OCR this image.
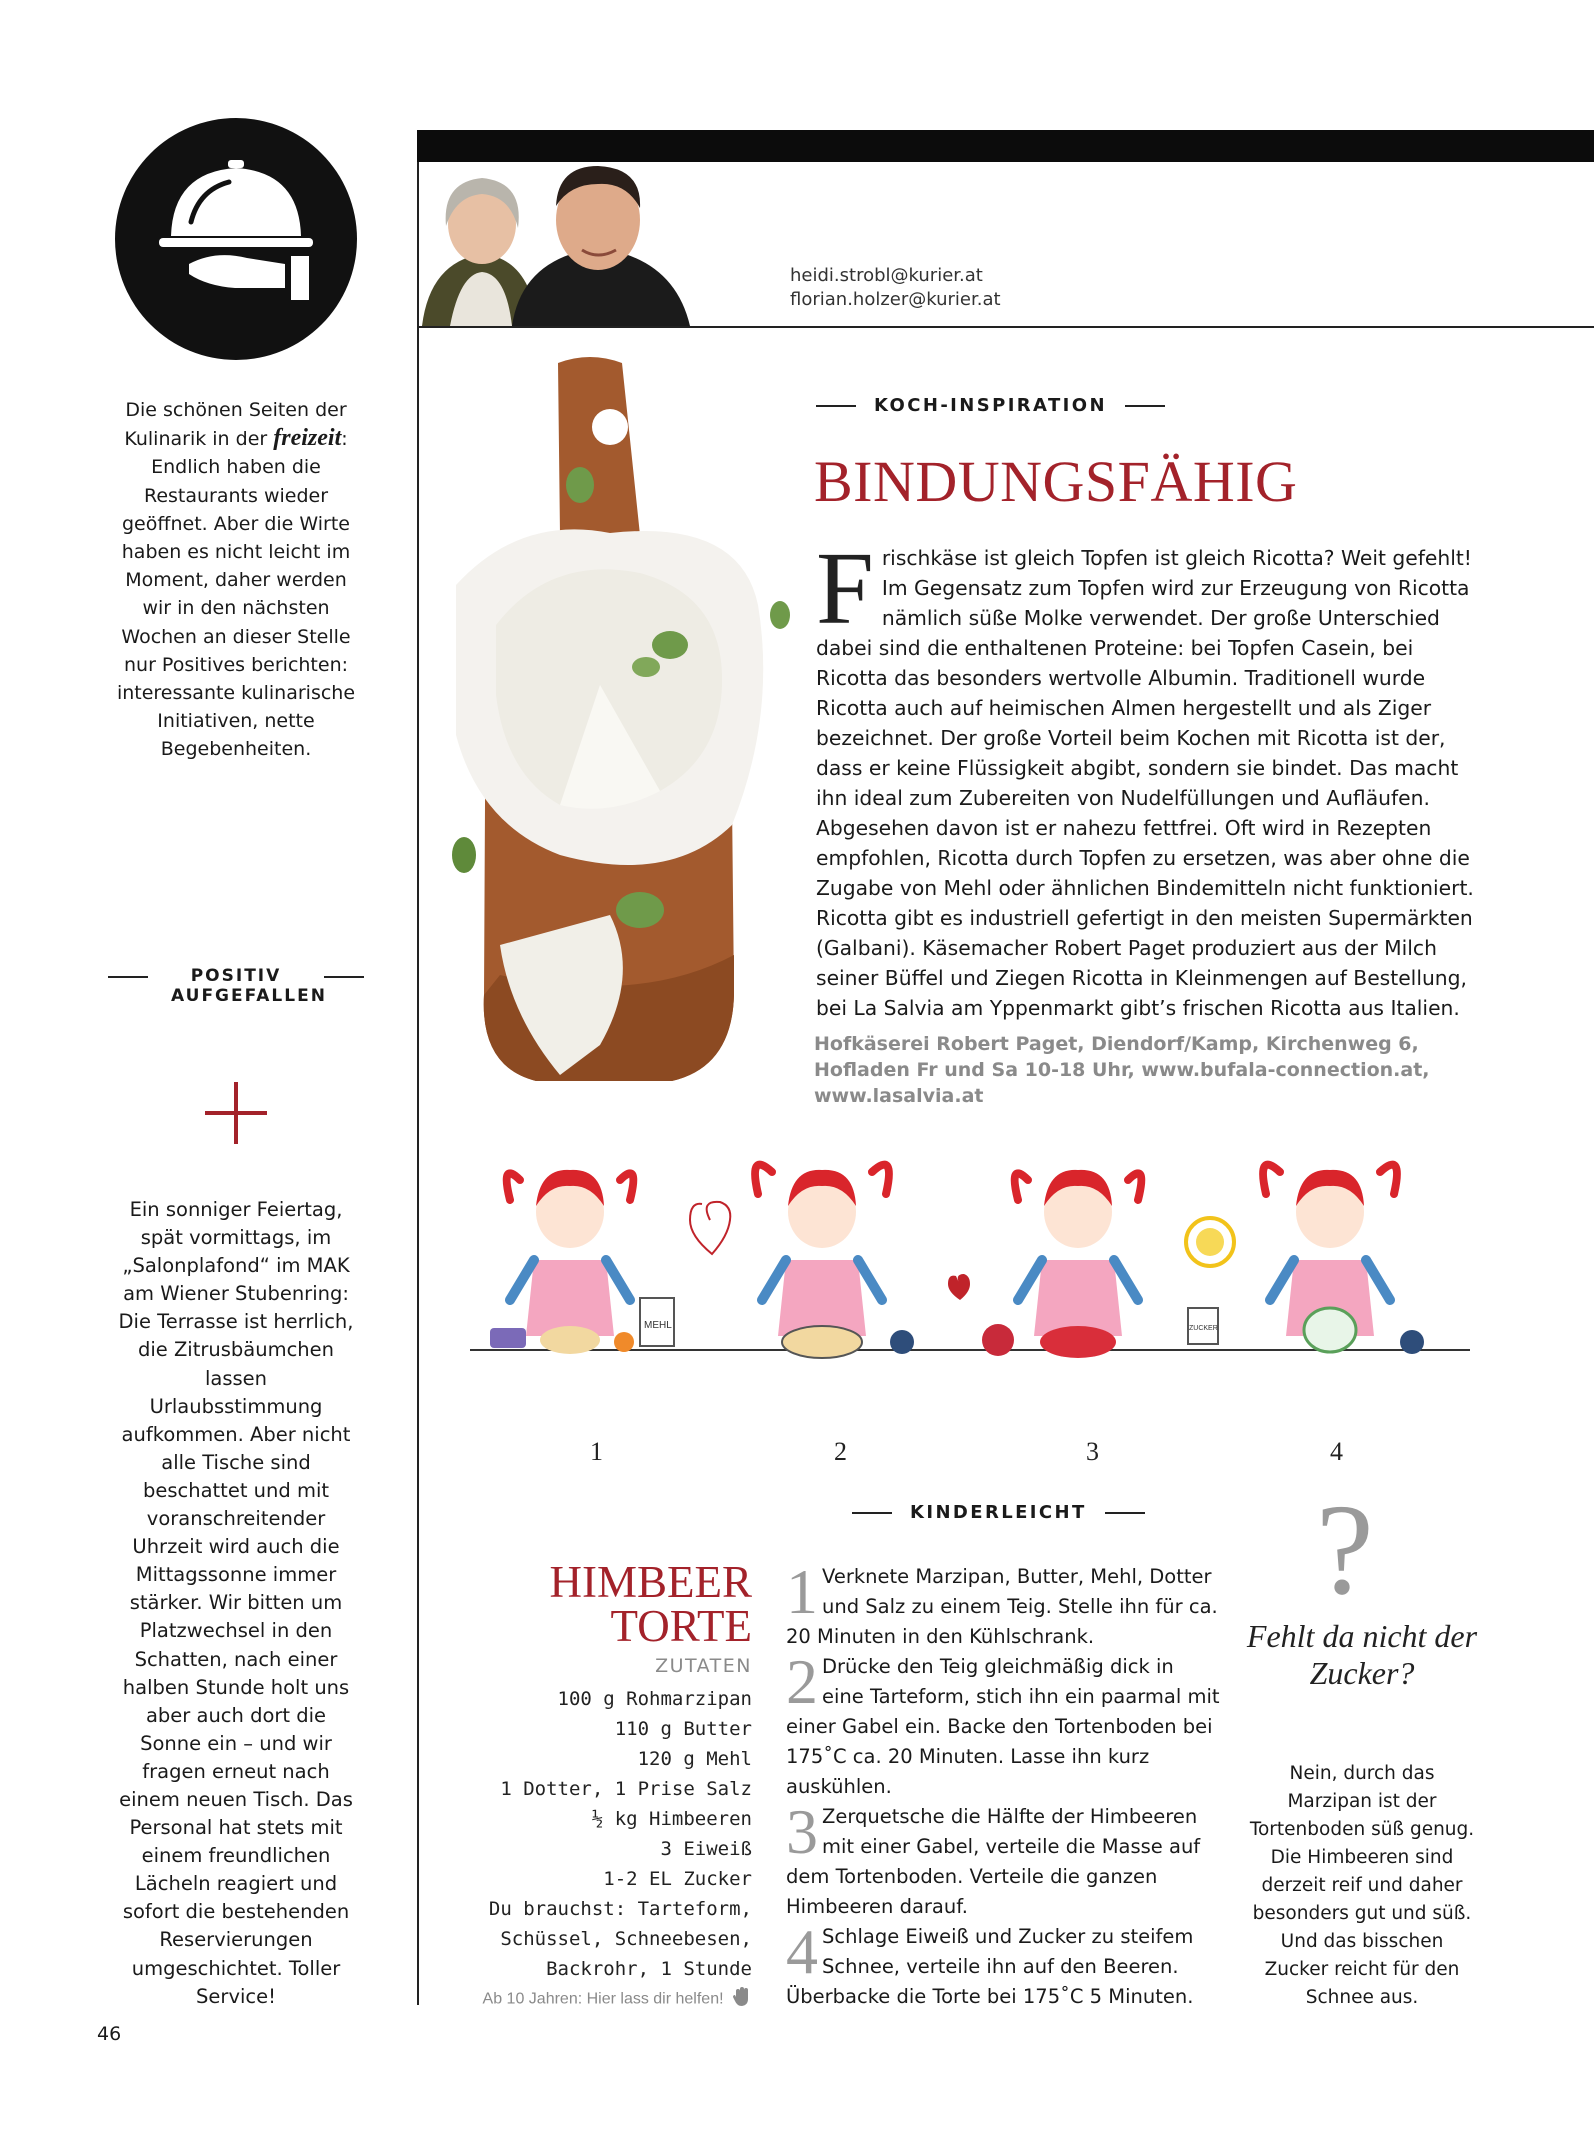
Die schönen Seiten der Kulinarik in der freizeit: Endlich haben die Restaurants wieder geöffnet. Aber die Wirte haben es nicht leicht im Moment, daher werden wir in den nächsten Wochen an dieser Stelle nur Positives berichten: interessante kulinarische Initiativen, nette Begebenheiten.
POSITIV AUFGEFALLEN
Ein sonniger Feiertag, spät vormittags, im „Salonplafond“ im MAK am Wiener Stubenring: Die Terrasse ist herrlich, die Zitrusbäumchen lassen Urlaubsstimmung aufkommen. Aber nicht alle Tische sind beschattet und mit voranschreitender Uhrzeit wird auch die Mittagssonne immer stärker. Wir bitten um Platzwechsel in den Schatten, nach einer halben Stunde holt uns aber auch dort die Sonne ein – und wir fragen erneut nach einem neuen Tisch. Das Personal hat stets mit einem freundlichen Lächeln reagiert und sofort die bestehenden Reservierungen umgeschichtet. Toller Service!
46
heidi.strobl@kurier.at
florian.holzer@kurier.at
KOCH-INSPIRATION
BINDUNGSFÄHIG
Frischkäse ist gleich Topfen ist gleich Ricotta? Weit gefehlt! Im Gegensatz zum Topfen wird zur Erzeugung von Ricotta nämlich süße Molke verwendet. Der große Unterschied dabei sind die enthaltenen Proteine: bei Topfen Casein, bei Ricotta das besonders wertvolle Albumin. Traditionell wurde Ricotta auch auf heimischen Almen hergestellt und als Ziger bezeichnet. Der große Vorteil beim Kochen mit Ricotta ist der, dass er keine Flüssigkeit abgibt, sondern sie bindet. Das macht ihn ideal zum Zubereiten von Nudelfüllungen und Aufläufen. Abgesehen davon ist er nahezu fettfrei. Oft wird in Rezepten empfohlen, Ricotta durch Topfen zu ersetzen, was aber ohne die Zugabe von Mehl oder ähnlichen Bindemitteln nicht funktioniert. Ricotta gibt es industriell gefertigt in den meisten Supermärkten (Galbani). Käsemacher Robert Paget produziert aus der Milch seiner Büffel und Ziegen Ricotta in Kleinmengen auf Bestellung, bei La Salvia am Yppenmarkt gibt’s frischen Ricotta aus Italien.
Hofkäserei Robert Paget, Diendorf/Kamp, Kirchenweg 6, Hofladen Fr und Sa 10-18 Uhr, www.bufala-connection.at, www.lasalvia.at
MEHL	ZUCKER
1	2	3	4
KINDERLEICHT
HIMBEER
TORTE
ZUTATEN
100 g Rohmarzipan
110 g Butter
120 g Mehl
1 Dotter, 1 Prise Salz
½ kg Himbeeren
3 Eiweiß
1-2 EL Zucker
Du brauchst: Tarteform,
Schüssel, Schneebesen,
Backrohr, 1 Stunde
Ab 10 Jahren: Hier lass dir helfen!
1 Verknete Marzipan, Butter, Mehl, Dotter und Salz zu einem Teig. Stelle ihn für ca. 20 Minuten in den Kühlschrank.
2 Drücke den Teig gleichmäßig dick in eine Tarteform, stich ihn ein paarmal mit einer Gabel ein. Backe den Tortenboden bei 175˚C ca. 20 Minuten. Lasse ihn kurz auskühlen.
3 Zerquetsche die Hälfte der Himbeeren mit einer Gabel, verteile die Masse auf dem Tortenboden. Verteile die ganzen Himbeeren darauf.
4 Schlage Eiweiß und Zucker zu steifem Schnee, verteile ihn auf den Beeren. Überbacke die Torte bei 175˚C 5 Minuten.
?
Fehlt da nicht der Zucker?
Nein, durch das Marzipan ist der Tortenboden süß genug. Die Himbeeren sind derzeit reif und daher besonders gut und süß. Und das bisschen Zucker reicht für den Schnee aus.
